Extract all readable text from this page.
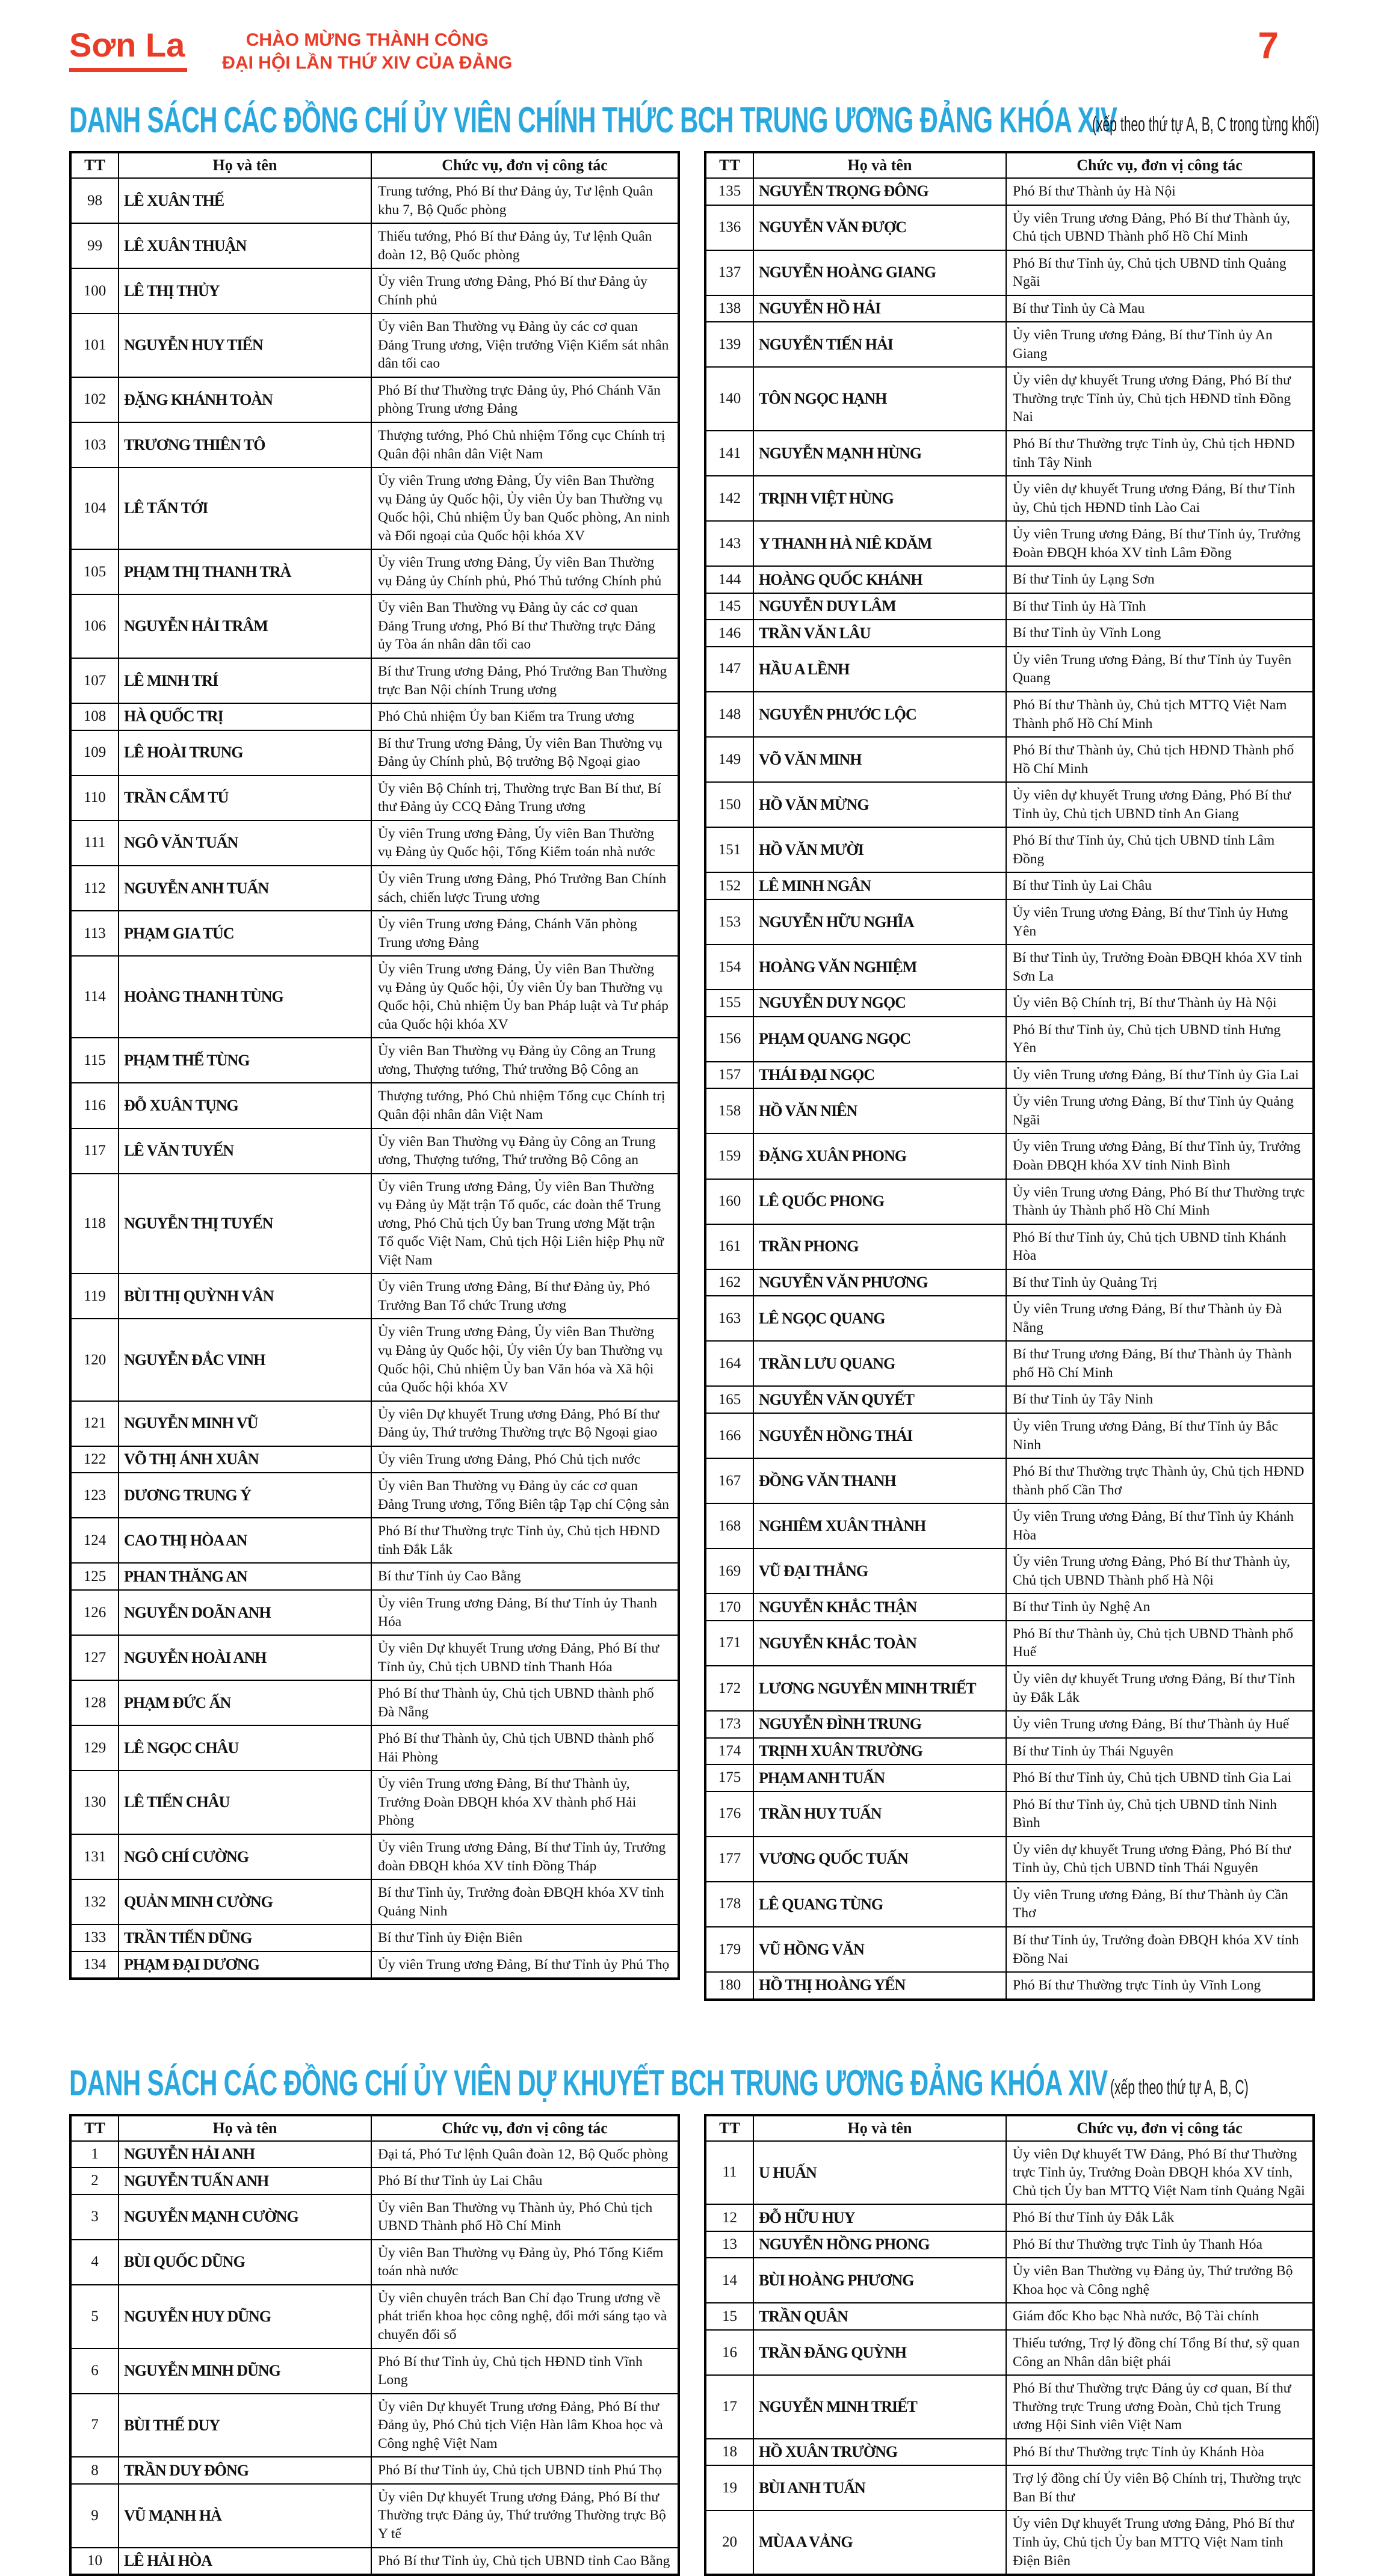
Sơn La	CHÀO MỪNG THÀNH CÔNG
ĐẠI HỘI LẦN THỨ XIV CỦA ĐẢNG	7
DANH SÁCH CÁC ĐỒNG CHÍ ỦY VIÊN CHÍNH THỨC BCH TRUNG ƯƠNG ĐẢNG KHÓA XIV
(xếp theo thứ tự A, B, C trong từng khối)
TT	Họ và tên	Chức vụ, đơn vị công tác
98	LÊ XUÂN THẾ	Trung tướng, Phó Bí thư Đảng ủy, Tư lệnh Quân khu 7, Bộ Quốc phòng
99	LÊ XUÂN THUẬN	Thiếu tướng, Phó Bí thư Đảng ủy, Tư lệnh Quân đoàn 12, Bộ Quốc phòng
100	LÊ THỊ THỦY	Ủy viên Trung ương Đảng, Phó Bí thư Đảng ủy Chính phủ
101	NGUYỄN HUY TIẾN	Ủy viên Ban Thường vụ Đảng ủy các cơ quan Đảng Trung ương, Viện trưởng Viện Kiểm sát nhân dân tối cao
102	ĐẶNG KHÁNH TOÀN	Phó Bí thư Thường trực Đảng ủy, Phó Chánh Văn phòng Trung ương Đảng
103	TRƯƠNG THIÊN TÔ	Thượng tướng, Phó Chủ nhiệm Tổng cục Chính trị Quân đội nhân dân Việt Nam
104	LÊ TẤN TỚI	Ủy viên Trung ương Đảng, Ủy viên Ban Thường vụ Đảng ủy Quốc hội, Ủy viên Ủy ban Thường vụ Quốc hội, Chủ nhiệm Ủy ban Quốc phòng, An ninh và Đối ngoại của Quốc hội khóa XV
105	PHẠM THỊ THANH TRÀ	Ủy viên Trung ương Đảng, Ủy viên Ban Thường vụ Đảng ủy Chính phủ, Phó Thủ tướng Chính phủ
106	NGUYỄN HẢI TRÂM	Ủy viên Ban Thường vụ Đảng ủy các cơ quan Đảng Trung ương, Phó Bí thư Thường trực Đảng ủy Tòa án nhân dân tối cao
107	LÊ MINH TRÍ	Bí thư Trung ương Đảng, Phó Trưởng Ban Thường trực Ban Nội chính Trung ương
108	HÀ QUỐC TRỊ	Phó Chủ nhiệm Ủy ban Kiểm tra Trung ương
109	LÊ HOÀI TRUNG	Bí thư Trung ương Đảng, Ủy viên Ban Thường vụ Đảng ủy Chính phủ, Bộ trưởng Bộ Ngoại giao
110	TRẦN CẨM TÚ	Ủy viên Bộ Chính trị, Thường trực Ban Bí thư, Bí thư Đảng ủy CCQ Đảng Trung ương
111	NGÔ VĂN TUẤN	Ủy viên Trung ương Đảng, Ủy viên Ban Thường vụ Đảng ủy Quốc hội, Tổng Kiểm toán nhà nước
112	NGUYỄN ANH TUẤN	Ủy viên Trung ương Đảng, Phó Trưởng Ban Chính sách, chiến lược Trung ương
113	PHẠM GIA TÚC	Ủy viên Trung ương Đảng, Chánh Văn phòng Trung ương Đảng
114	HOÀNG THANH TÙNG	Ủy viên Trung ương Đảng, Ủy viên Ban Thường vụ Đảng ủy Quốc hội, Ủy viên Ủy ban Thường vụ Quốc hội, Chủ nhiệm Ủy ban Pháp luật và Tư pháp của Quốc hội khóa XV
115	PHẠM THẾ TÙNG	Ủy viên Ban Thường vụ Đảng ủy Công an Trung ương, Thượng tướng, Thứ trưởng Bộ Công an
116	ĐỖ XUÂN TỤNG	Thượng tướng, Phó Chủ nhiệm Tổng cục Chính trị Quân đội nhân dân Việt Nam
117	LÊ VĂN TUYẾN	Ủy viên Ban Thường vụ Đảng ủy Công an Trung ương, Thượng tướng, Thứ trưởng Bộ Công an
118	NGUYỄN THỊ TUYẾN	Ủy viên Trung ương Đảng, Ủy viên Ban Thường vụ Đảng ủy Mặt trận Tổ quốc, các đoàn thể Trung ương, Phó Chủ tịch Ủy ban Trung ương Mặt trận Tổ quốc Việt Nam, Chủ tịch Hội Liên hiệp Phụ nữ Việt Nam
119	BÙI THỊ QUỲNH VÂN	Ủy viên Trung ương Đảng, Bí thư Đảng ủy, Phó Trưởng Ban Tổ chức Trung ương
120	NGUYỄN ĐẮC VINH	Ủy viên Trung ương Đảng, Ủy viên Ban Thường vụ Đảng ủy Quốc hội, Ủy viên Ủy ban Thường vụ Quốc hội, Chủ nhiệm Ủy ban Văn hóa và Xã hội của Quốc hội khóa XV
121	NGUYỄN MINH VŨ	Ủy viên Dự khuyết Trung ương Đảng, Phó Bí thư Đảng ủy, Thứ trưởng Thường trực Bộ Ngoại giao
122	VÕ THỊ ÁNH XUÂN	Ủy viên Trung ương Đảng, Phó Chủ tịch nước
123	DƯƠNG TRUNG Ý	Ủy viên Ban Thường vụ Đảng ủy các cơ quan Đảng Trung ương, Tổng Biên tập Tạp chí Cộng sản
124	CAO THỊ HÒA AN	Phó Bí thư Thường trực Tỉnh ủy, Chủ tịch HĐND tỉnh Đắk Lắk
125	PHAN THĂNG AN	Bí thư Tỉnh ủy Cao Bằng
126	NGUYỄN DOÃN ANH	Ủy viên Trung ương Đảng, Bí thư Tỉnh ủy Thanh Hóa
127	NGUYỄN HOÀI ANH	Ủy viên Dự khuyết Trung ương Đảng, Phó Bí thư Tỉnh ủy, Chủ tịch UBND tỉnh Thanh Hóa
128	PHẠM ĐỨC ẤN	Phó Bí thư Thành ủy, Chủ tịch UBND thành phố Đà Nẵng
129	LÊ NGỌC CHÂU	Phó Bí thư Thành ủy, Chủ tịch UBND thành phố Hải Phòng
130	LÊ TIẾN CHÂU	Ủy viên Trung ương Đảng, Bí thư Thành ủy, Trưởng Đoàn ĐBQH khóa XV thành phố Hải Phòng
131	NGÔ CHÍ CƯỜNG	Ủy viên Trung ương Đảng, Bí thư Tỉnh ủy, Trưởng đoàn ĐBQH khóa XV tỉnh Đồng Tháp
132	QUẢN MINH CƯỜNG	Bí thư Tỉnh ủy, Trưởng đoàn ĐBQH khóa XV tỉnh Quảng Ninh
133	TRẦN TIẾN DŨNG	Bí thư Tỉnh ủy Điện Biên
134	PHẠM ĐẠI DƯƠNG	Ủy viên Trung ương Đảng, Bí thư Tỉnh ủy Phú Thọ
TT	Họ và tên	Chức vụ, đơn vị công tác
135	NGUYỄN TRỌNG ĐÔNG	Phó Bí thư Thành ủy Hà Nội
136	NGUYỄN VĂN ĐƯỢC	Ủy viên Trung ương Đảng, Phó Bí thư Thành ủy, Chủ tịch UBND Thành phố Hồ Chí Minh
137	NGUYỄN HOÀNG GIANG	Phó Bí thư Tỉnh ủy, Chủ tịch UBND tỉnh Quảng Ngãi
138	NGUYỄN HỒ HẢI	Bí thư Tỉnh ủy Cà Mau
139	NGUYỄN TIẾN HẢI	Ủy viên Trung ương Đảng, Bí thư Tỉnh ủy An Giang
140	TÔN NGỌC HẠNH	Ủy viên dự khuyết Trung ương Đảng, Phó Bí thư Thường trực Tỉnh ủy, Chủ tịch HĐND tỉnh Đồng Nai
141	NGUYỄN MẠNH HÙNG	Phó Bí thư Thường trực Tỉnh ủy, Chủ tịch HĐND tỉnh Tây Ninh
142	TRỊNH VIỆT HÙNG	Ủy viên dự khuyết Trung ương Đảng, Bí thư Tỉnh ủy, Chủ tịch HĐND tỉnh Lào Cai
143	Y THANH HÀ NIÊ KDĂM	Ủy viên Trung ương Đảng, Bí thư Tỉnh ủy, Trưởng Đoàn ĐBQH khóa XV tỉnh Lâm Đồng
144	HOÀNG QUỐC KHÁNH	Bí thư Tỉnh ủy Lạng Sơn
145	NGUYỄN DUY LÂM	Bí thư Tỉnh ủy Hà Tĩnh
146	TRẦN VĂN LÂU	Bí thư Tỉnh ủy Vĩnh Long
147	HẦU A LỀNH	Ủy viên Trung ương Đảng, Bí thư Tỉnh ủy Tuyên Quang
148	NGUYỄN PHƯỚC LỘC	Phó Bí thư Thành ủy, Chủ tịch MTTQ Việt Nam Thành phố Hồ Chí Minh
149	VÕ VĂN MINH	Phó Bí thư Thành ủy, Chủ tịch HĐND Thành phố Hồ Chí Minh
150	HỒ VĂN MỪNG	Ủy viên dự khuyết Trung ương Đảng, Phó Bí thư Tỉnh ủy, Chủ tịch UBND tỉnh An Giang
151	HỒ VĂN MƯỜI	Phó Bí thư Tỉnh ủy, Chủ tịch UBND tỉnh Lâm Đồng
152	LÊ MINH NGÂN	Bí thư Tỉnh ủy Lai Châu
153	NGUYỄN HỮU NGHĨA	Ủy viên Trung ương Đảng, Bí thư Tỉnh ủy Hưng Yên
154	HOÀNG VĂN NGHIỆM	Bí thư Tỉnh ủy, Trưởng Đoàn ĐBQH khóa XV tỉnh Sơn La
155	NGUYỄN DUY NGỌC	Ủy viên Bộ Chính trị, Bí thư Thành ủy Hà Nội
156	PHẠM QUANG NGỌC	Phó Bí thư Tỉnh ủy, Chủ tịch UBND tỉnh Hưng Yên
157	THÁI ĐẠI NGỌC	Ủy viên Trung ương Đảng, Bí thư Tỉnh ủy Gia Lai
158	HỒ VĂN NIÊN	Ủy viên Trung ương Đảng, Bí thư Tỉnh ủy Quảng Ngãi
159	ĐẶNG XUÂN PHONG	Ủy viên Trung ương Đảng, Bí thư Tỉnh ủy, Trưởng Đoàn ĐBQH khóa XV tỉnh Ninh Bình
160	LÊ QUỐC PHONG	Ủy viên Trung ương Đảng, Phó Bí thư Thường trực Thành ủy Thành phố Hồ Chí Minh
161	TRẦN PHONG	Phó Bí thư Tỉnh ủy, Chủ tịch UBND tỉnh Khánh Hòa
162	NGUYỄN VĂN PHƯƠNG	Bí thư Tỉnh ủy Quảng Trị
163	LÊ NGỌC QUANG	Ủy viên Trung ương Đảng, Bí thư Thành ủy Đà Nẵng
164	TRẦN LƯU QUANG	Bí thư Trung ương Đảng, Bí thư Thành ủy Thành phố Hồ Chí Minh
165	NGUYỄN VĂN QUYẾT	Bí thư Tỉnh ủy Tây Ninh
166	NGUYỄN HỒNG THÁI	Ủy viên Trung ương Đảng, Bí thư Tỉnh ủy Bắc Ninh
167	ĐỒNG VĂN THANH	Phó Bí thư Thường trực Thành ủy, Chủ tịch HĐND thành phố Cần Thơ
168	NGHIÊM XUÂN THÀNH	Ủy viên Trung ương Đảng, Bí thư Tỉnh ủy Khánh Hòa
169	VŨ ĐẠI THẮNG	Ủy viên Trung ương Đảng, Phó Bí thư Thành ủy, Chủ tịch UBND Thành phố Hà Nội
170	NGUYỄN KHẮC THẬN	Bí thư Tỉnh ủy Nghệ An
171	NGUYỄN KHẮC TOÀN	Phó Bí thư Thành ủy, Chủ tịch UBND Thành phố Huế
172	LƯƠNG NGUYỄN MINH TRIẾT	Ủy viên dự khuyết Trung ương Đảng, Bí thư Tỉnh ủy Đắk Lắk
173	NGUYỄN ĐÌNH TRUNG	Ủy viên Trung ương Đảng, Bí thư Thành ủy Huế
174	TRỊNH XUÂN TRƯỜNG	Bí thư Tỉnh ủy Thái Nguyên
175	PHẠM ANH TUẤN	Phó Bí thư Tỉnh ủy, Chủ tịch UBND tỉnh Gia Lai
176	TRẦN HUY TUẤN	Phó Bí thư Tỉnh ủy, Chủ tịch UBND tỉnh Ninh Bình
177	VƯƠNG QUỐC TUẤN	Ủy viên dự khuyết Trung ương Đảng, Phó Bí thư Tỉnh ủy, Chủ tịch UBND tỉnh Thái Nguyên
178	LÊ QUANG TÙNG	Ủy viên Trung ương Đảng, Bí thư Thành ủy Cần Thơ
179	VŨ HỒNG VĂN	Bí thư Tỉnh ủy, Trưởng đoàn ĐBQH khóa XV tỉnh Đồng Nai
180	HỒ THỊ HOÀNG YẾN	Phó Bí thư Thường trực Tỉnh ủy Vĩnh Long
DANH SÁCH CÁC ĐỒNG CHÍ ỦY VIÊN DỰ KHUYẾT BCH TRUNG ƯƠNG ĐẢNG KHÓA XIV (xếp theo thứ tự A, B, C)
TT	Họ và tên	Chức vụ, đơn vị công tác
1	NGUYỄN HẢI ANH	Đại tá, Phó Tư lệnh Quân đoàn 12, Bộ Quốc phòng
2	NGUYỄN TUẤN ANH	Phó Bí thư Tỉnh ủy Lai Châu
3	NGUYỄN MẠNH CƯỜNG	Ủy viên Ban Thường vụ Thành ủy, Phó Chủ tịch UBND Thành phố Hồ Chí Minh
4	BÙI QUỐC DŨNG	Ủy viên Ban Thường vụ Đảng ủy, Phó Tổng Kiểm toán nhà nước
5	NGUYỄN HUY DŨNG	Ủy viên chuyên trách Ban Chỉ đạo Trung ương về phát triển khoa học công nghệ, đổi mới sáng tạo và chuyển đổi số
6	NGUYỄN MINH DŨNG	Phó Bí thư Tỉnh ủy, Chủ tịch HĐND tỉnh Vĩnh Long
7	BÙI THẾ DUY	Ủy viên Dự khuyết Trung ương Đảng, Phó Bí thư Đảng ủy, Phó Chủ tịch Viện Hàn lâm Khoa học và Công nghệ Việt Nam
8	TRẦN DUY ĐÔNG	Phó Bí thư Tỉnh ủy, Chủ tịch UBND tỉnh Phú Thọ
9	VŨ MẠNH HÀ	Ủy viên Dự khuyết Trung ương Đảng, Phó Bí thư Thường trực Đảng ủy, Thứ trưởng Thường trực Bộ Y tế
10	LÊ HẢI HÒA	Phó Bí thư Tỉnh ủy, Chủ tịch UBND tỉnh Cao Bằng
TT	Họ và tên	Chức vụ, đơn vị công tác
11	U HUẤN	Ủy viên Dự khuyết TW Đảng, Phó Bí thư Thường trực Tỉnh ủy, Trưởng Đoàn ĐBQH khóa XV tỉnh, Chủ tịch Ủy ban MTTQ Việt Nam tỉnh Quảng Ngãi
12	ĐỖ HỮU HUY	Phó Bí thư Tỉnh ủy Đắk Lắk
13	NGUYỄN HỒNG PHONG	Phó Bí thư Thường trực Tỉnh ủy Thanh Hóa
14	BÙI HOÀNG PHƯƠNG	Ủy viên Ban Thường vụ Đảng ủy, Thứ trưởng Bộ Khoa học và Công nghệ
15	TRẦN QUÂN	Giám đốc Kho bạc Nhà nước, Bộ Tài chính
16	TRẦN ĐĂNG QUỲNH	Thiếu tướng, Trợ lý đồng chí Tổng Bí thư, sỹ quan Công an Nhân dân biệt phái
17	NGUYỄN MINH TRIẾT	Phó Bí thư Thường trực Đảng ủy cơ quan, Bí thư Thường trực Trung ương Đoàn, Chủ tịch Trung ương Hội Sinh viên Việt Nam
18	HỒ XUÂN TRƯỜNG	Phó Bí thư Thường trực Tỉnh ủy Khánh Hòa
19	BÙI ANH TUẤN	Trợ lý đồng chí Ủy viên Bộ Chính trị, Thường trực Ban Bí thư
20	MÙA A VẢNG	Ủy viên Dự khuyết Trung ương Đảng, Phó Bí thư Tỉnh ủy, Chủ tịch Ủy ban MTTQ Việt Nam tỉnh Điện Biên
